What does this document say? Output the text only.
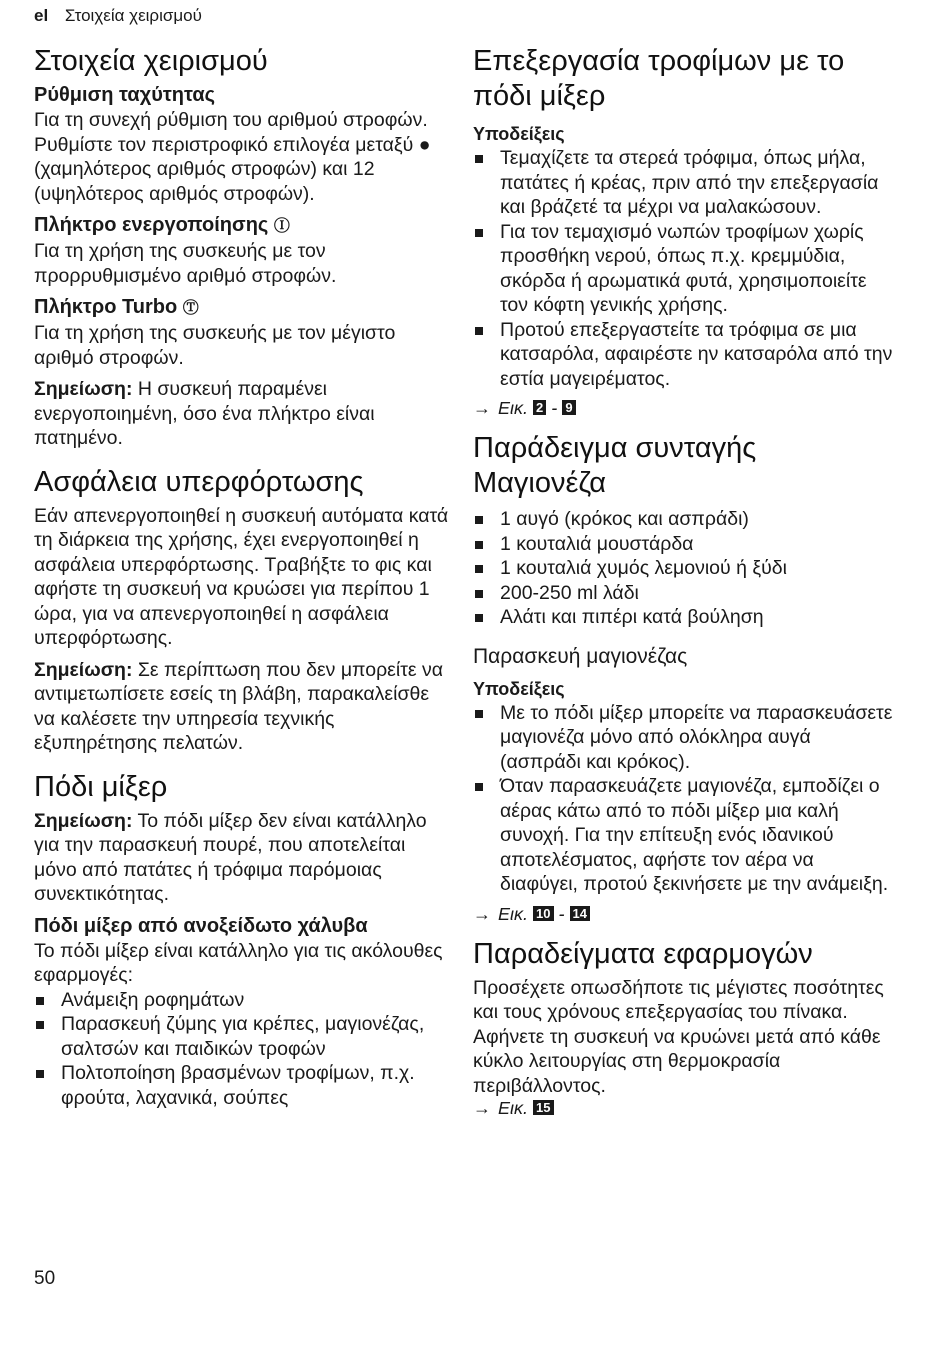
el Στοιχεία χειρισμού
Στοιχεία χειρισμού
Ρύθμιση ταχύτητας

Για τη συνεχή ρύθμιση του αριθμού στροφών. Ρυθμίστε τον περιστροφικό επιλογέα μεταξύ ● (χαμηλότερος αριθμός στροφών) και 12 (υψηλότερος αριθμός στροφών).

Πλήκτρο ενεργοποίησης Ⓘ

Για τη χρήση της συσκευής με τον προρρυθμισμένο αριθμό στροφών.

Πλήκτρο Turbo Ⓣ

Για τη χρήση της συσκευής με τον μέγιστο αριθμό στροφών.

Σημείωση: Η συσκευή παραμένει ενεργοποιημένη, όσο ένα πλήκτρο είναι πατημένο.

Ασφάλεια υπερφόρτωσης

Εάν απενεργοποιηθεί η συσκευή αυτόματα κατά τη διάρκεια της χρήσης, έχει ενεργοποιηθεί η ασφάλεια υπερφόρτωσης. Τραβήξτε το φις και αφήστε τη συσκευή να κρυώσει για περίπου 1 ώρα, για να απενεργοποιηθεί η ασφάλεια υπερφόρτωσης.

Σημείωση: Σε περίπτωση που δεν μπορείτε να αντιμετωπίσετε εσείς τη βλάβη, παρακαλείσθε να καλέσετε την υπηρεσία τεχνικής εξυπηρέτησης πελατών.

Πόδι μίξερ

Σημείωση: Το πόδι μίξερ δεν είναι κατάλληλο για την παρασκευή πουρέ, που αποτελείται μόνο από πατάτες ή τρόφιμα παρόμοιας συνεκτικότητας.

Πόδι μίξερ από ανοξείδωτο χάλυβα

Το πόδι μίξερ είναι κατάλληλο για τις ακόλουθες εφαρμογές:

Ανάμειξη ροφημάτων
Παρασκευή ζύμης για κρέπες, μαγιονέζας, σαλτσών και παιδικών τροφών
Πολτοποίηση βρασμένων τροφίμων, π.χ. φρούτα, λαχανικά, σούπες
Επεξεργασία τροφίμων με το πόδι μίξερ
Υποδείξεις
Τεμαχίζετε τα στερεά τρόφιμα, όπως μήλα, πατάτες ή κρέας, πριν από την επεξεργασία και βράζετέ τα μέχρι να μαλακώσουν.
Για τον τεμαχισμό νωπών τροφίμων χωρίς προσθήκη νερού, όπως π.χ. κρεμμύδια, σκόρδα ή αρωματικά φυτά, χρησιμοποιείτε τον κόφτη γενικής χρήσης.
Προτού επεξεργαστείτε τα τρόφιμα σε μια κατσαρόλα, αφαιρέστε ην κατσαρόλα από την εστία μαγειρέματος.
→ Εικ. 2 - 9
Παράδειγμα συνταγής Μαγιονέζα
1 αυγό (κρόκος και ασπράδι)
1 κουταλιά μουστάρδα
1 κουταλιά χυμός λεμονιού ή ξύδι
200-250 ml λάδι
Αλάτι και πιπέρι κατά βούληση
Παρασκευή μαγιονέζας
Υποδείξεις
Με το πόδι μίξερ μπορείτε να παρασκευάσετε μαγιονέζα μόνο από ολόκληρα αυγά (ασπράδι και κρόκος).
Όταν παρασκευάζετε μαγιονέζα, εμποδίζει ο αέρας κάτω από το πόδι μίξερ μια καλή συνοχή. Για την επίτευξη ενός ιδανικού αποτελέσματος, αφήστε τον αέρα να διαφύγει, προτού ξεκινήσετε με την ανάμειξη.
→ Εικ. 10 - 14
Παραδείγματα εφαρμογών

Προσέχετε οπωσδήποτε τις μέγιστες ποσότητες και τους χρόνους επεξεργασίας του πίνακα.

Αφήνετε τη συσκευή να κρυώνει μετά από κάθε κύκλο λειτουργίας στη θερμοκρασία περιβάλλοντος.

→ Εικ. 15
50
